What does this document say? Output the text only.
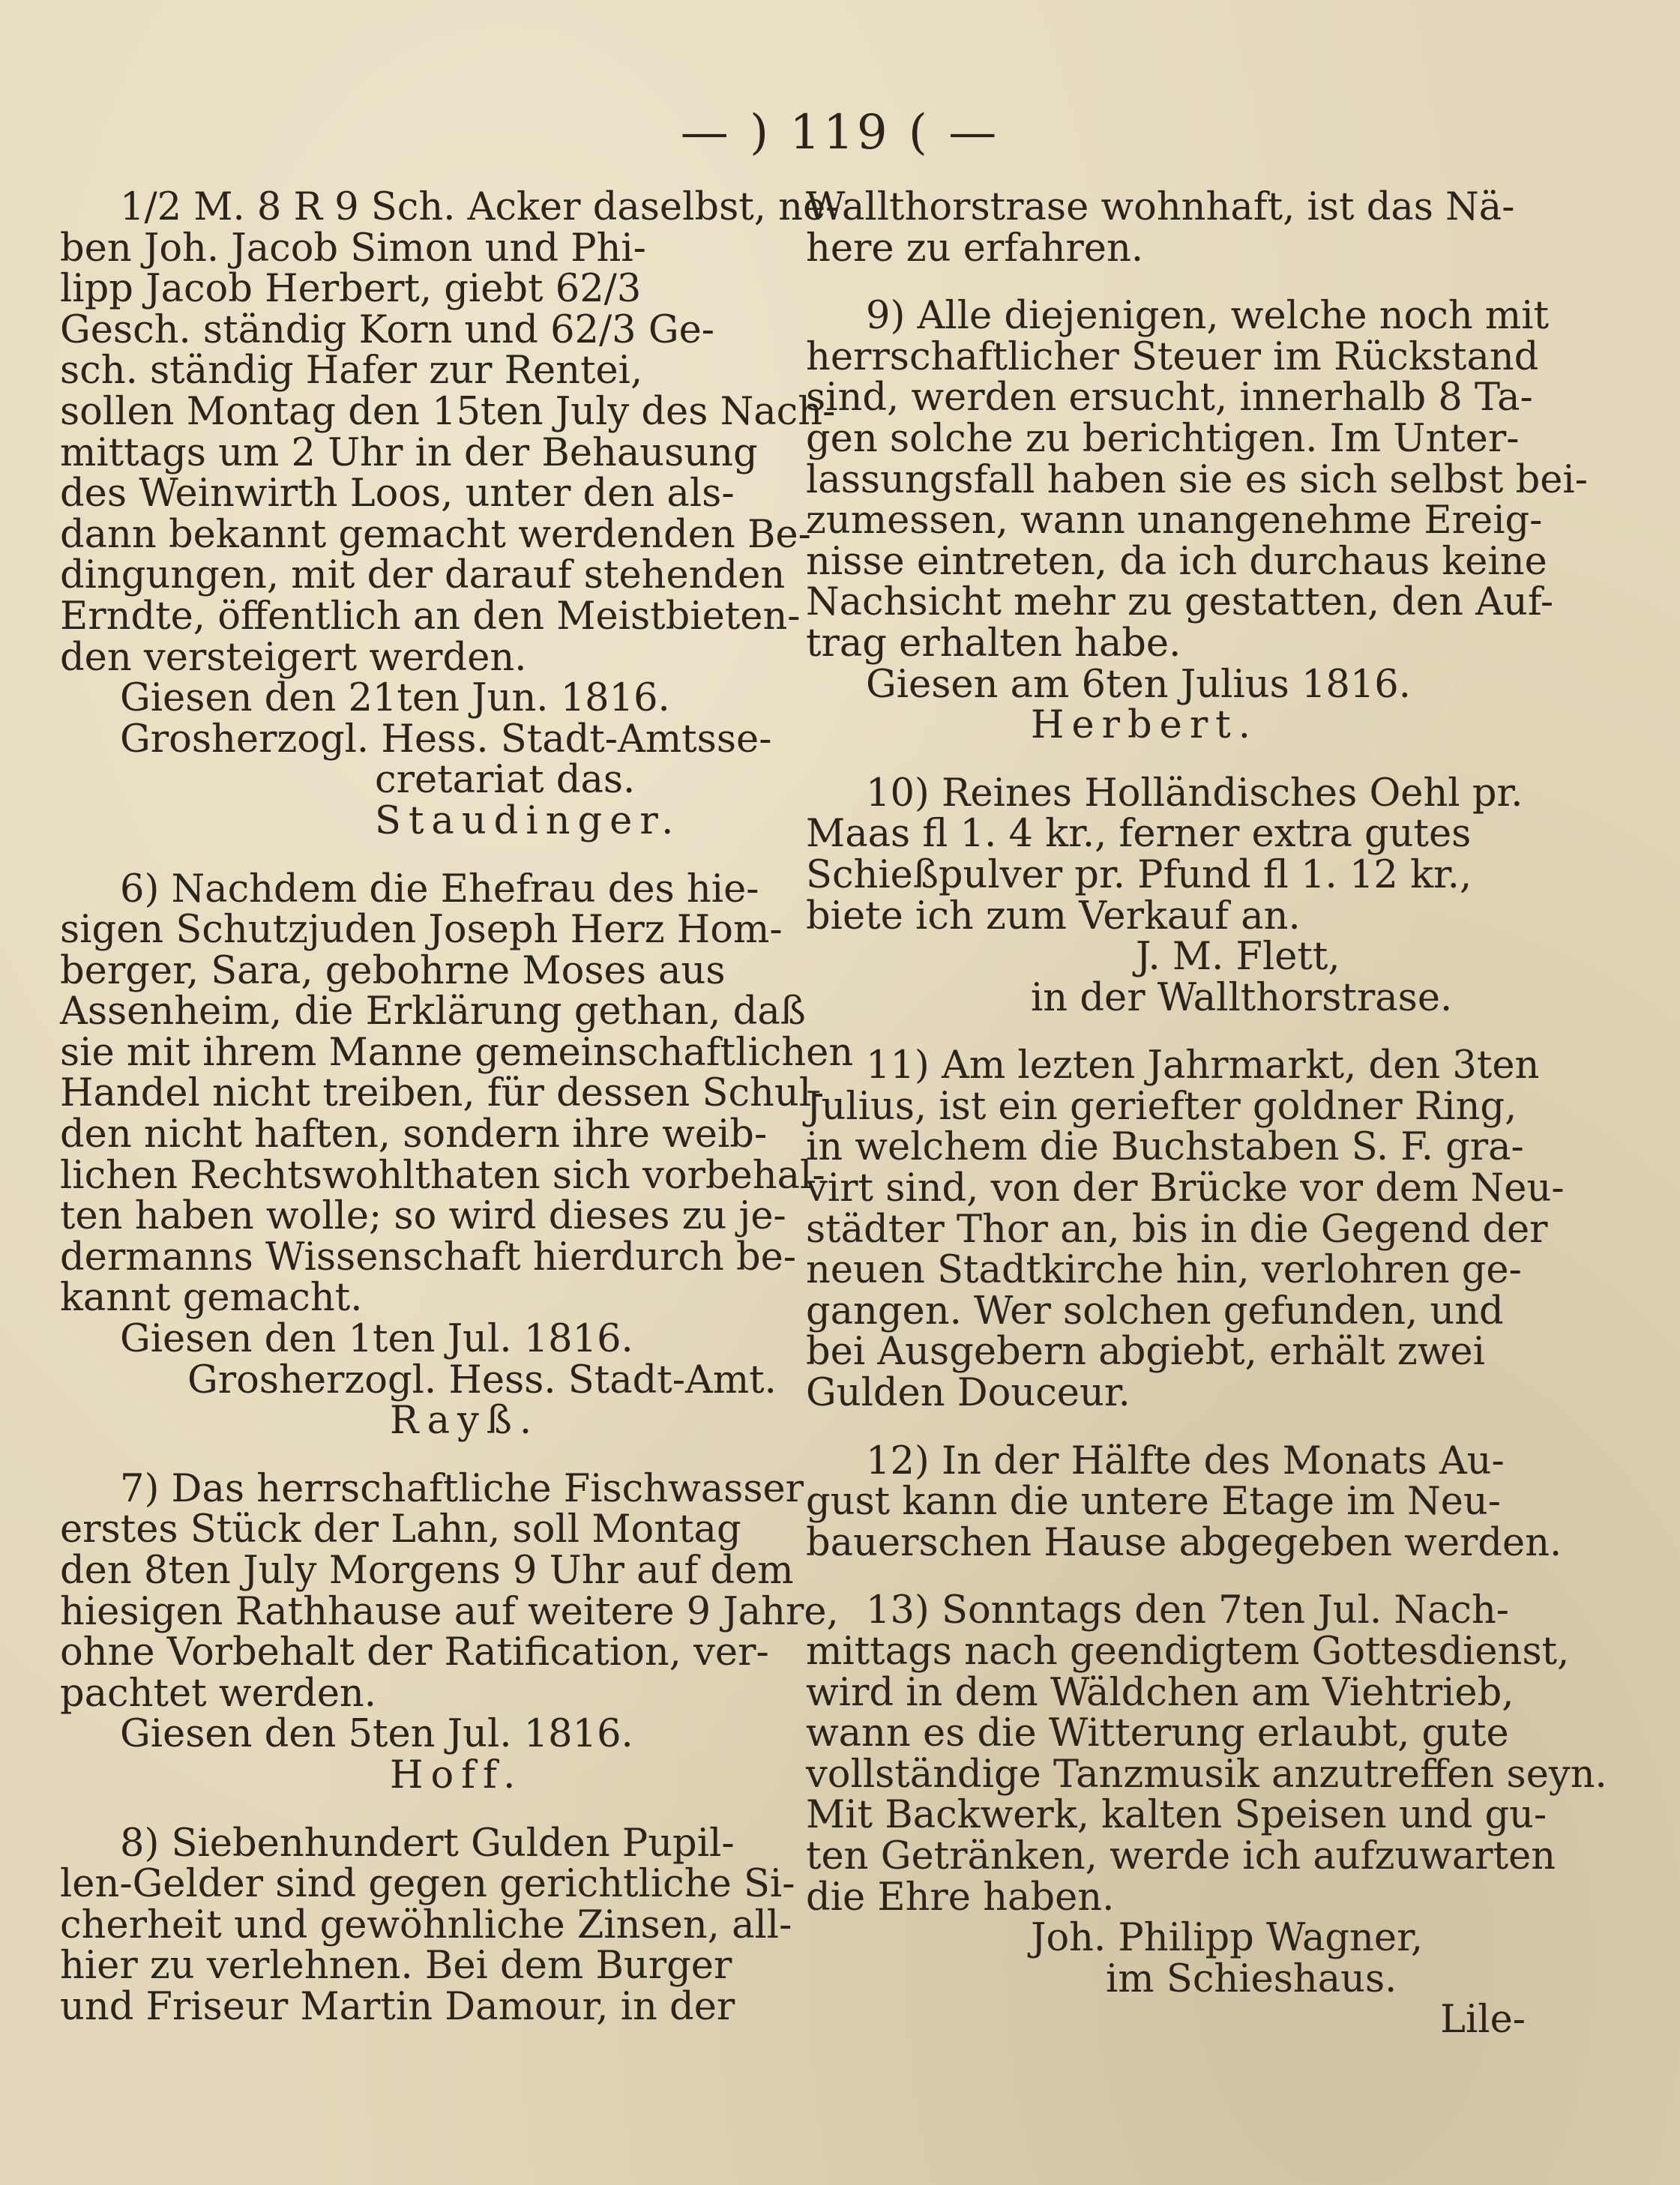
— ) 119 ( —
1/2 M. 8 R 9 Sch. Acker daselbst, ne-
ben Joh. Jacob Simon und Phi-
lipp Jacob Herbert, giebt 62/3
Gesch. ständig Korn und 62/3 Ge-
sch. ständig Hafer zur Rentei,
sollen Montag den 15ten July des Nach-
mittags um 2 Uhr in der Behausung
des Weinwirth Loos, unter den als-
dann bekannt gemacht werdenden Be-
dingungen, mit der darauf stehenden
Erndte, öffentlich an den Meistbieten-
den versteigert werden.
Giesen den 21ten Jun. 1816.
Grosherzogl. Hess. Stadt-Amtsse-
cretariat das.
Staudinger.
6) Nachdem die Ehefrau des hie-
sigen Schutzjuden Joseph Herz Hom-
berger, Sara, gebohrne Moses aus
Assenheim, die Erklärung gethan, daß
sie mit ihrem Manne gemeinschaftlichen
Handel nicht treiben, für dessen Schul-
den nicht haften, sondern ihre weib-
lichen Rechtswohlthaten sich vorbehal-
ten haben wolle; so wird dieses zu je-
dermanns Wissenschaft hierdurch be-
kannt gemacht.
Giesen den 1ten Jul. 1816.
Grosherzogl. Hess. Stadt-Amt.
Rayß.
7) Das herrschaftliche Fischwasser
erstes Stück der Lahn, soll Montag
den 8ten July Morgens 9 Uhr auf dem
hiesigen Rathhause auf weitere 9 Jahre,
ohne Vorbehalt der Ratification, ver-
pachtet werden.
Giesen den 5ten Jul. 1816.
Hoff.
8) Siebenhundert Gulden Pupil-
len-Gelder sind gegen gerichtliche Si-
cherheit und gewöhnliche Zinsen, all-
hier zu verlehnen. Bei dem Burger
und Friseur Martin Damour, in der
Wallthorstrase wohnhaft, ist das Nä-
here zu erfahren.
9) Alle diejenigen, welche noch mit
herrschaftlicher Steuer im Rückstand
sind, werden ersucht, innerhalb 8 Ta-
gen solche zu berichtigen. Im Unter-
lassungsfall haben sie es sich selbst bei-
zumessen, wann unangenehme Ereig-
nisse eintreten, da ich durchaus keine
Nachsicht mehr zu gestatten, den Auf-
trag erhalten habe.
Giesen am 6ten Julius 1816.
Herbert.
10) Reines Holländisches Oehl pr.
Maas fl 1. 4 kr., ferner extra gutes
Schießpulver pr. Pfund fl 1. 12 kr.,
biete ich zum Verkauf an.
J. M. Flett,
in der Wallthorstrase.
11) Am lezten Jahrmarkt, den 3ten
Julius, ist ein geriefter goldner Ring,
in welchem die Buchstaben S. F. gra-
virt sind, von der Brücke vor dem Neu-
städter Thor an, bis in die Gegend der
neuen Stadtkirche hin, verlohren ge-
gangen. Wer solchen gefunden, und
bei Ausgebern abgiebt, erhält zwei
Gulden Douceur.
12) In der Hälfte des Monats Au-
gust kann die untere Etage im Neu-
bauerschen Hause abgegeben werden.
13) Sonntags den 7ten Jul. Nach-
mittags nach geendigtem Gottesdienst,
wird in dem Wäldchen am Viehtrieb,
wann es die Witterung erlaubt, gute
vollständige Tanzmusik anzutreffen seyn.
Mit Backwerk, kalten Speisen und gu-
ten Getränken, werde ich aufzuwarten
die Ehre haben.
Joh. Philipp Wagner,
im Schieshaus.
Lile-
